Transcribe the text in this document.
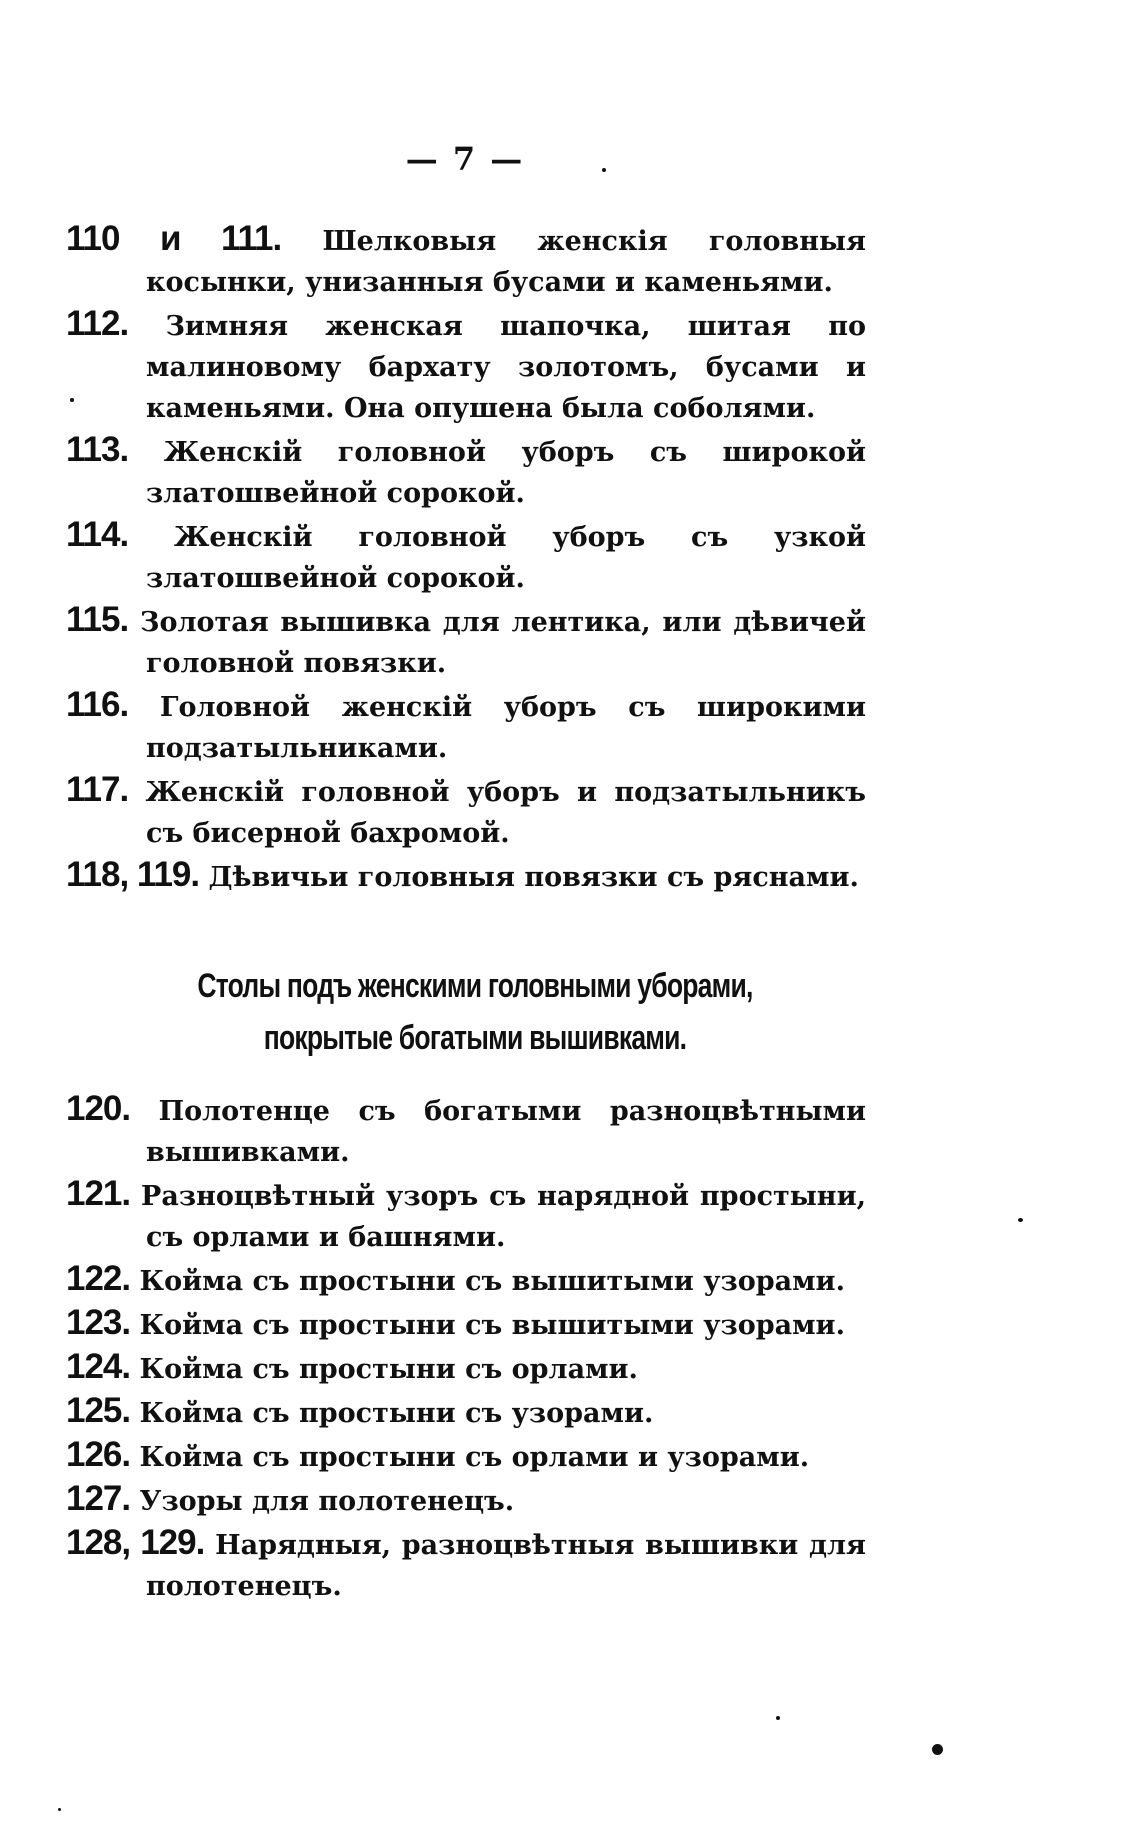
— 7 —

110 и 111. Шелковыя женскія головныя косынки, унизанныя бусами и каменьями.

112. Зимняя женская шапочка, шитая по малиновому бархату золотомъ, бусами и каменьями. Она опушена была соболями.

113. Женскій головной уборъ съ широкой златошвейной сорокой.

114. Женскій головной уборъ съ узкой златошвейной сорокой.

115. Золотая вышивка для лентика, или дѣвичей головной повязки.

116. Головной женскій уборъ съ широкими подзатыльниками.

117. Женскій головной уборъ и подзатыльникъ съ бисерной бахромой.

118, 119. Дѣвичьи головныя повязки съ ряснами.

Столы подъ женскими головными уборами, покрытые богатыми вышивками.

120. Полотенце съ богатыми разноцвѣтными вышивками.

121. Разноцвѣтный узоръ съ нарядной простыни, съ орлами и башнями.

122. Койма съ простыни съ вышитыми узорами.

123. Койма съ простыни съ вышитыми узорами.

124. Койма съ простыни съ орлами.

125. Койма съ простыни съ узорами.

126. Койма съ простыни съ орлами и узорами.

127. Узоры для полотенецъ.

128, 129. Нарядныя, разноцвѣтныя вышивки для полотенецъ.
